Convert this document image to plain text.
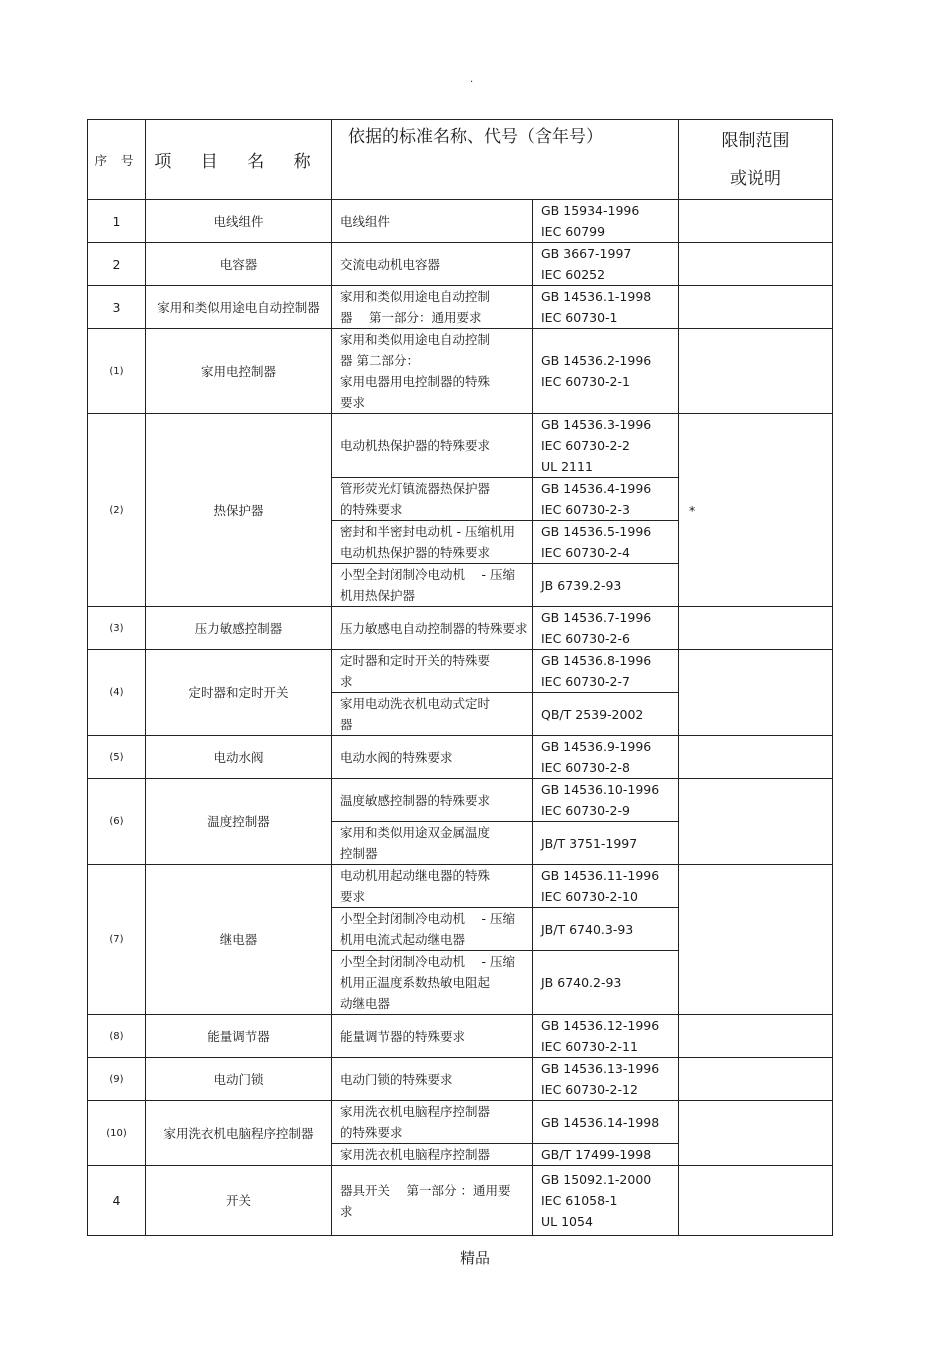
.
序 号	项 目 名 称	依据的标准名称、代号（含年号）		限制范围
或说明

1	电线组件	电线组件	GB 15934-1996
IEC 60799	
2	电容器	交流电动机电容器	GB 3667-1997
IEC 60252	
3	家用和类似用途电自动控制器	家用和类似用途电自动控制
器　 第一部分：通用要求	GB 14536.1-1998
IEC 60730-1	
(1)	家用电控制器	家用和类似用途电自动控制
器 第二部分：
家用电器用电控制器的特殊
要求	GB 14536.2-1996
IEC 60730-2-1	
(2)	热保护器	电动机热保护器的特殊要求	GB 14536.3-1996
IEC 60730-2-2
UL 2111	*
		管形荧光灯镇流器热保护器
的特殊要求	GB 14536.4-1996
IEC 60730-2-3	
		密封和半密封电动机 - 压缩机用
电动机热保护器的特殊要求	GB 14536.5-1996
IEC 60730-2-4	
		小型全封闭制冷电动机　 - 压缩
机用热保护器	JB 6739.2-93	
(3)	压力敏感控制器	压力敏感电自动控制器的特殊要求	GB 14536.7-1996
IEC 60730-2-6	
(4)	定时器和定时开关	定时器和定时开关的特殊要
求	GB 14536.8-1996
IEC 60730-2-7	
		家用电动洗衣机电动式定时
器	QB/T 2539-2002	
(5)	电动水阀	电动水阀的特殊要求	GB 14536.9-1996
IEC 60730-2-8	
(6)	温度控制器	温度敏感控制器的特殊要求	GB 14536.10-1996
IEC 60730-2-9	
		家用和类似用途双金属温度
控制器	JB/T 3751-1997	
(7)	继电器	电动机用起动继电器的特殊
要求	GB 14536.11-1996
IEC 60730-2-10	
		小型全封闭制冷电动机　 - 压缩
机用电流式起动继电器	JB/T 6740.3-93	
		小型全封闭制冷电动机　 - 压缩
机用正温度系数热敏电阻起
动继电器	JB 6740.2-93	
(8)	能量调节器	能量调节器的特殊要求	GB 14536.12-1996
IEC 60730-2-11	
(9)	电动门锁	电动门锁的特殊要求	GB 14536.13-1996
IEC 60730-2-12	
(10)	家用洗衣机电脑程序控制器	家用洗衣机电脑程序控制器
的特殊要求	GB 14536.14-1998	
		家用洗衣机电脑程序控制器	GB/T 17499-1998	
4	开关	器具开关　 第一部分 ：通用要
求	GB 15092.1-2000
IEC 61058-1
UL 1054	
精品
